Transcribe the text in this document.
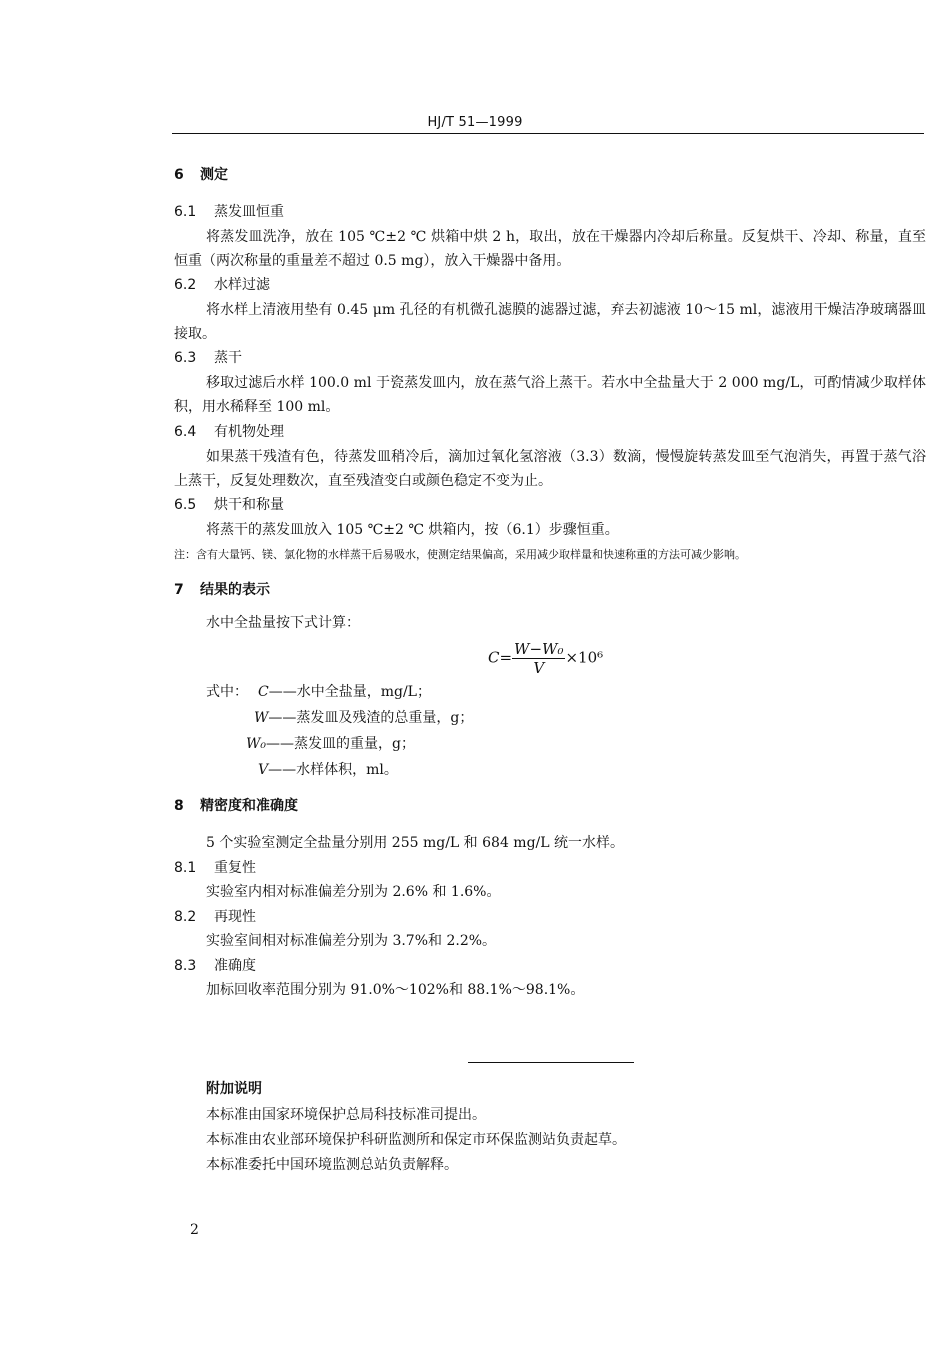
HJ/T 51—1999
6 测定
6.1 蒸发皿恒重
将蒸发皿洗净，放在 105 ℃±2 ℃ 烘箱中烘 2 h，取出，放在干燥器内冷却后称量。反复烘干、冷却、称量，直至恒重（两次称量的重量差不超过 0.5 mg），放入干燥器中备用。
6.2 水样过滤
将水样上清液用垫有 0.45 μm 孔径的有机微孔滤膜的滤器过滤，弃去初滤液 10～15 ml，滤液用干燥洁净玻璃器皿接取。
6.3 蒸干
移取过滤后水样 100.0 ml 于瓷蒸发皿内，放在蒸气浴上蒸干。若水中全盐量大于 2 000 mg/L，可酌情减少取样体积，用水稀释至 100 ml。
6.4 有机物处理
如果蒸干残渣有色，待蒸发皿稍冷后，滴加过氧化氢溶液（3.3）数滴，慢慢旋转蒸发皿至气泡消失，再置于蒸气浴上蒸干，反复处理数次，直至残渣变白或颜色稳定不变为止。
6.5 烘干和称量
将蒸干的蒸发皿放入 105 ℃±2 ℃ 烘箱内，按（6.1）步骤恒重。
注：含有大量钙、镁、氯化物的水样蒸干后易吸水，使测定结果偏高，采用减少取样量和快速称重的方法可减少影响。
7 结果的表示
水中全盐量按下式计算：
$C= \frac{\text{W−W₀}}{V} \times 10^6$
式中： C——水中全盐量，mg/L；
W——蒸发皿及残渣的总重量，g；
W₀——蒸发皿的重量，g；
V——水样体积，ml。
8 精密度和准确度
5 个实验室测定全盐量分别用 255 mg/L 和 684 mg/L 统一水样。
8.1 重复性
实验室内相对标准偏差分别为 2.6% 和 1.6%。
8.2 再现性
实验室间相对标准偏差分别为 3.7%和 2.2%。
8.3 准确度
加标回收率范围分别为 91.0%～102%和 88.1%～98.1%。
附加说明
本标准由国家环境保护总局科技标准司提出。
本标准由农业部环境保护科研监测所和保定市环保监测站负责起草。
本标准委托中国环境监测总站负责解释。
2
